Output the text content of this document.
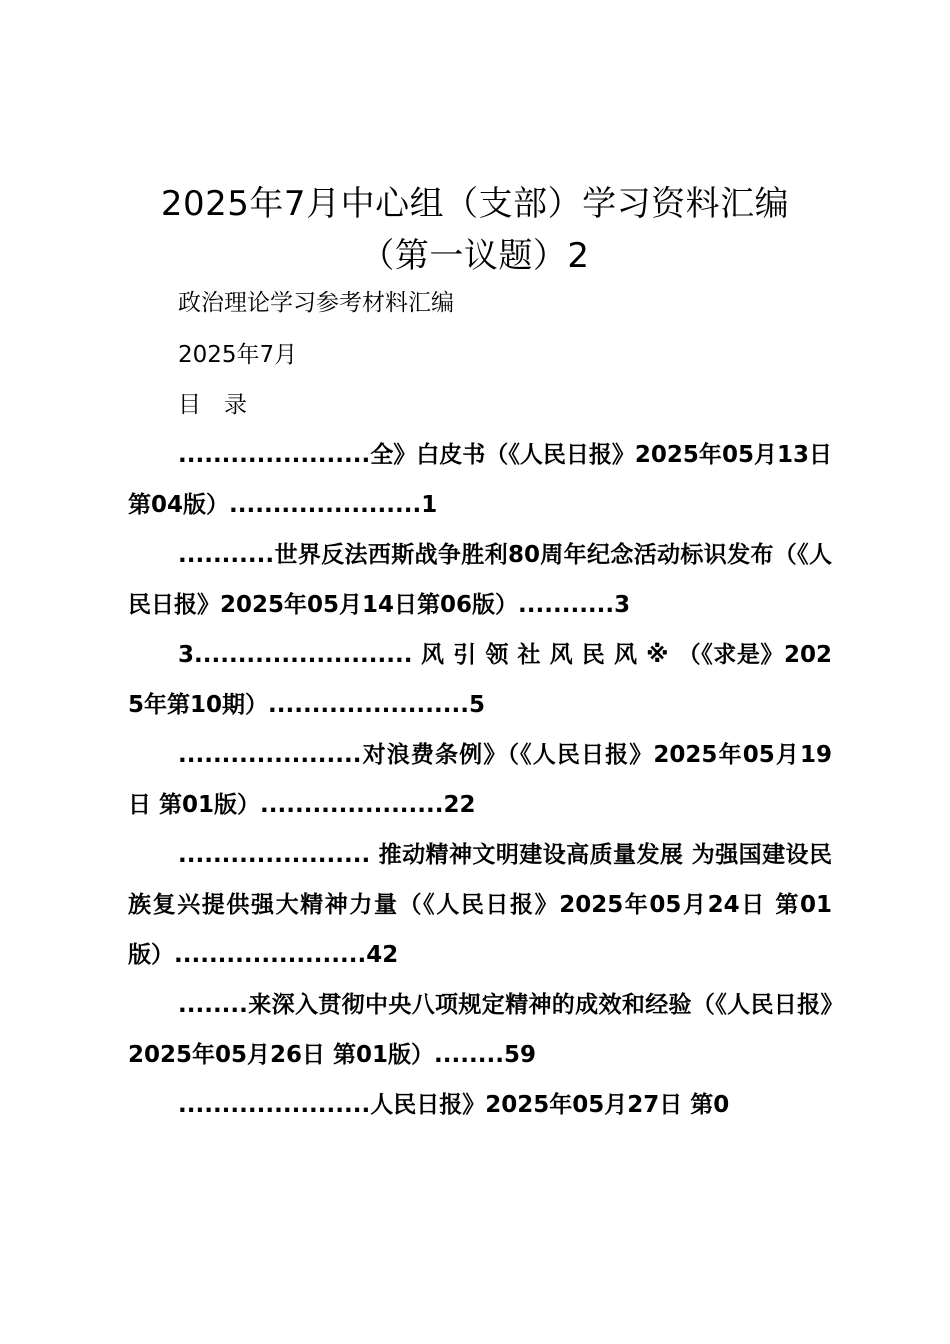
2025年7月中心组（支部）学习资料汇编
（第一议题）2
政治理论学习参考材料汇编
2025年7月
目　录

......................全》白皮书（《人民日报》2025年05月13日 第04版）......................1

...........世界反法西斯战争胜利80周年纪念活动标识发布（《人民日报》2025年05月14日第06版）...........3

3......................... 风 引 领 社 风 民 风 ※ （《求是》2025年第10期）.......................5

.....................对浪费条例》（《人民日报》2025年05月19日 第01版）.....................22

...................... 推动精神文明建设高质量发展 为强国建设民族复兴提供强大精神力量（《人民日报》2025年05月24日 第01版）......................42

........来深入贯彻中央八项规定精神的成效和经验（《人民日报》2025年05月26日 第01版）........59

......................人民日报》2025年05月27日 第0
